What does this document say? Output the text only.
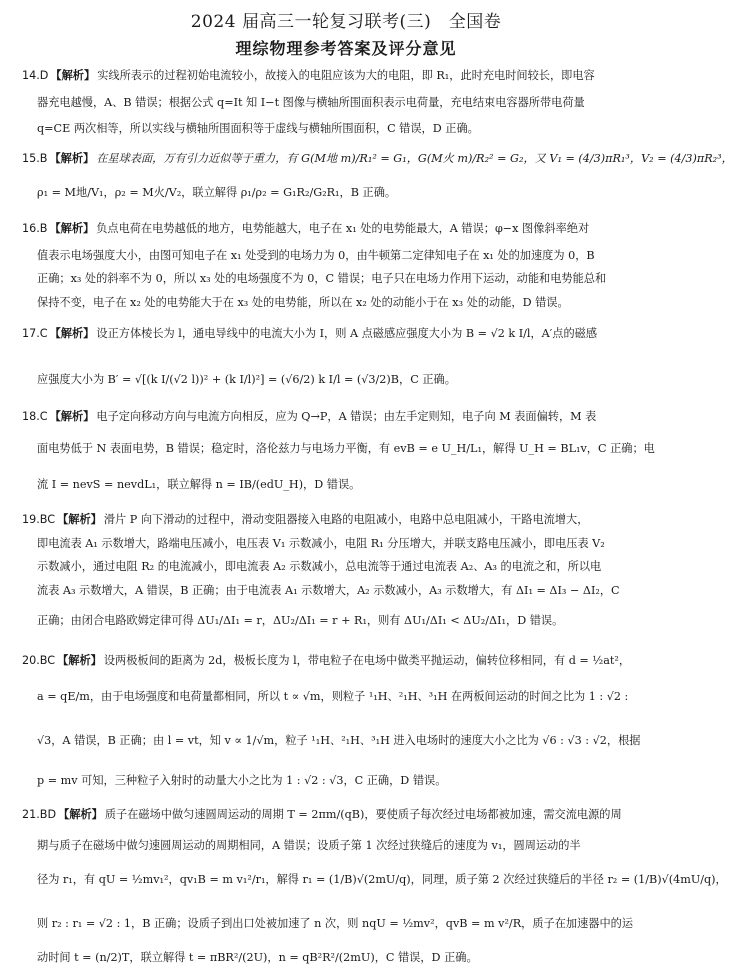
2024 届高三一轮复习联考(三)　全国卷
理综物理参考答案及评分意见
14.D 【解析】 实线所表示的过程初始电流较小，故接入的电阻应该为大的电阻，即 R₁，此时充电时间较长，即电容
器充电越慢，A、B 错误；根据公式 q=It 知 I−t 图像与横轴所围面积表示电荷量，充电结束电容器所带电荷量
q=CE 两次相等，所以实线与横轴所围面积等于虚线与横轴所围面积，C 错误，D 正确。
15.B 【解析】 在星球表面，万有引力近似等于重力，有 G(M地 m)/R₁² = G₁，G(M火 m)/R₂² = G₂，又 V₁ = (4/3)πR₁³，V₂ = (4/3)πR₂³，
ρ₁ = M地/V₁，ρ₂ = M火/V₂，联立解得 ρ₁/ρ₂ = G₁R₂/G₂R₁，B 正确。
16.B 【解析】 负点电荷在电势越低的地方，电势能越大，电子在 x₁ 处的电势能最大，A 错误；φ−x 图像斜率绝对
值表示电场强度大小，由图可知电子在 x₁ 处受到的电场力为 0，由牛顿第二定律知电子在 x₁ 处的加速度为 0，B
正确；x₃ 处的斜率不为 0，所以 x₃ 处的电场强度不为 0，C 错误；电子只在电场力作用下运动，动能和电势能总和
保持不变，电子在 x₂ 处的电势能大于在 x₃ 处的电势能，所以在 x₂ 处的动能小于在 x₃ 处的动能，D 错误。
17.C 【解析】 设正方体棱长为 l，通电导线中的电流大小为 I，则 A 点磁感应强度大小为 B = √2 k I/l，A′点的磁感
应强度大小为 B′ = √[(k I/(√2 l))² + (k I/l)²] = (√6/2) k I/l = (√3/2)B，C 正确。
18.C 【解析】 电子定向移动方向与电流方向相反，应为 Q→P，A 错误；由左手定则知，电子向 M 表面偏转，M 表
面电势低于 N 表面电势，B 错误；稳定时，洛伦兹力与电场力平衡，有 evB = e U_H/L₁，解得 U_H = BL₁v，C 正确；电
流 I = nevS = nevdL₁，联立解得 n = IB/(edU_H)，D 错误。
19.BC 【解析】 滑片 P 向下滑动的过程中，滑动变阻器接入电路的电阻减小，电路中总电阻减小，干路电流增大，
即电流表 A₁ 示数增大，路端电压减小，电压表 V₁ 示数减小，电阻 R₁ 分压增大，并联支路电压减小，即电压表 V₂
示数减小，通过电阻 R₂ 的电流减小，即电流表 A₂ 示数减小，总电流等于通过电流表 A₂、A₃ 的电流之和，所以电
流表 A₃ 示数增大，A 错误，B 正确；由于电流表 A₁ 示数增大，A₂ 示数减小，A₃ 示数增大，有 ΔI₁ = ΔI₃ − ΔI₂，C
正确；由闭合电路欧姆定律可得 ΔU₁/ΔI₁ = r，ΔU₂/ΔI₁ = r + R₁，则有 ΔU₁/ΔI₁ < ΔU₂/ΔI₁，D 错误。
20.BC 【解析】 设两极板间的距离为 2d，极板长度为 l，带电粒子在电场中做类平抛运动，偏转位移相同，有 d = ½at²，
a = qE/m，由于电场强度和电荷量都相同，所以 t ∝ √m，则粒子 ¹₁H、²₁H、³₁H 在两板间运动的时间之比为 1 : √2 :
√3，A 错误，B 正确；由 l = vt，知 v ∝ 1/√m，粒子 ¹₁H、²₁H、³₁H 进入电场时的速度大小之比为 √6 : √3 : √2，根据
p = mv 可知，三种粒子入射时的动量大小之比为 1 : √2 : √3，C 正确，D 错误。
21.BD 【解析】 质子在磁场中做匀速圆周运动的周期 T = 2πm/(qB)，要使质子每次经过电场都被加速，需交流电源的周
期与质子在磁场中做匀速圆周运动的周期相同，A 错误；设质子第 1 次经过狭缝后的速度为 v₁，圆周运动的半
径为 r₁，有 qU = ½mv₁²，qv₁B = m v₁²/r₁，解得 r₁ = (1/B)√(2mU/q)，同理，质子第 2 次经过狭缝后的半径 r₂ = (1/B)√(4mU/q)，
则 r₂ : r₁ = √2 : 1，B 正确；设质子到出口处被加速了 n 次，则 nqU = ½mv²，qvB = m v²/R，质子在加速器中的运
动时间 t = (n/2)T，联立解得 t = πBR²/(2U)，n = qB²R²/(2mU)，C 错误，D 正确。
